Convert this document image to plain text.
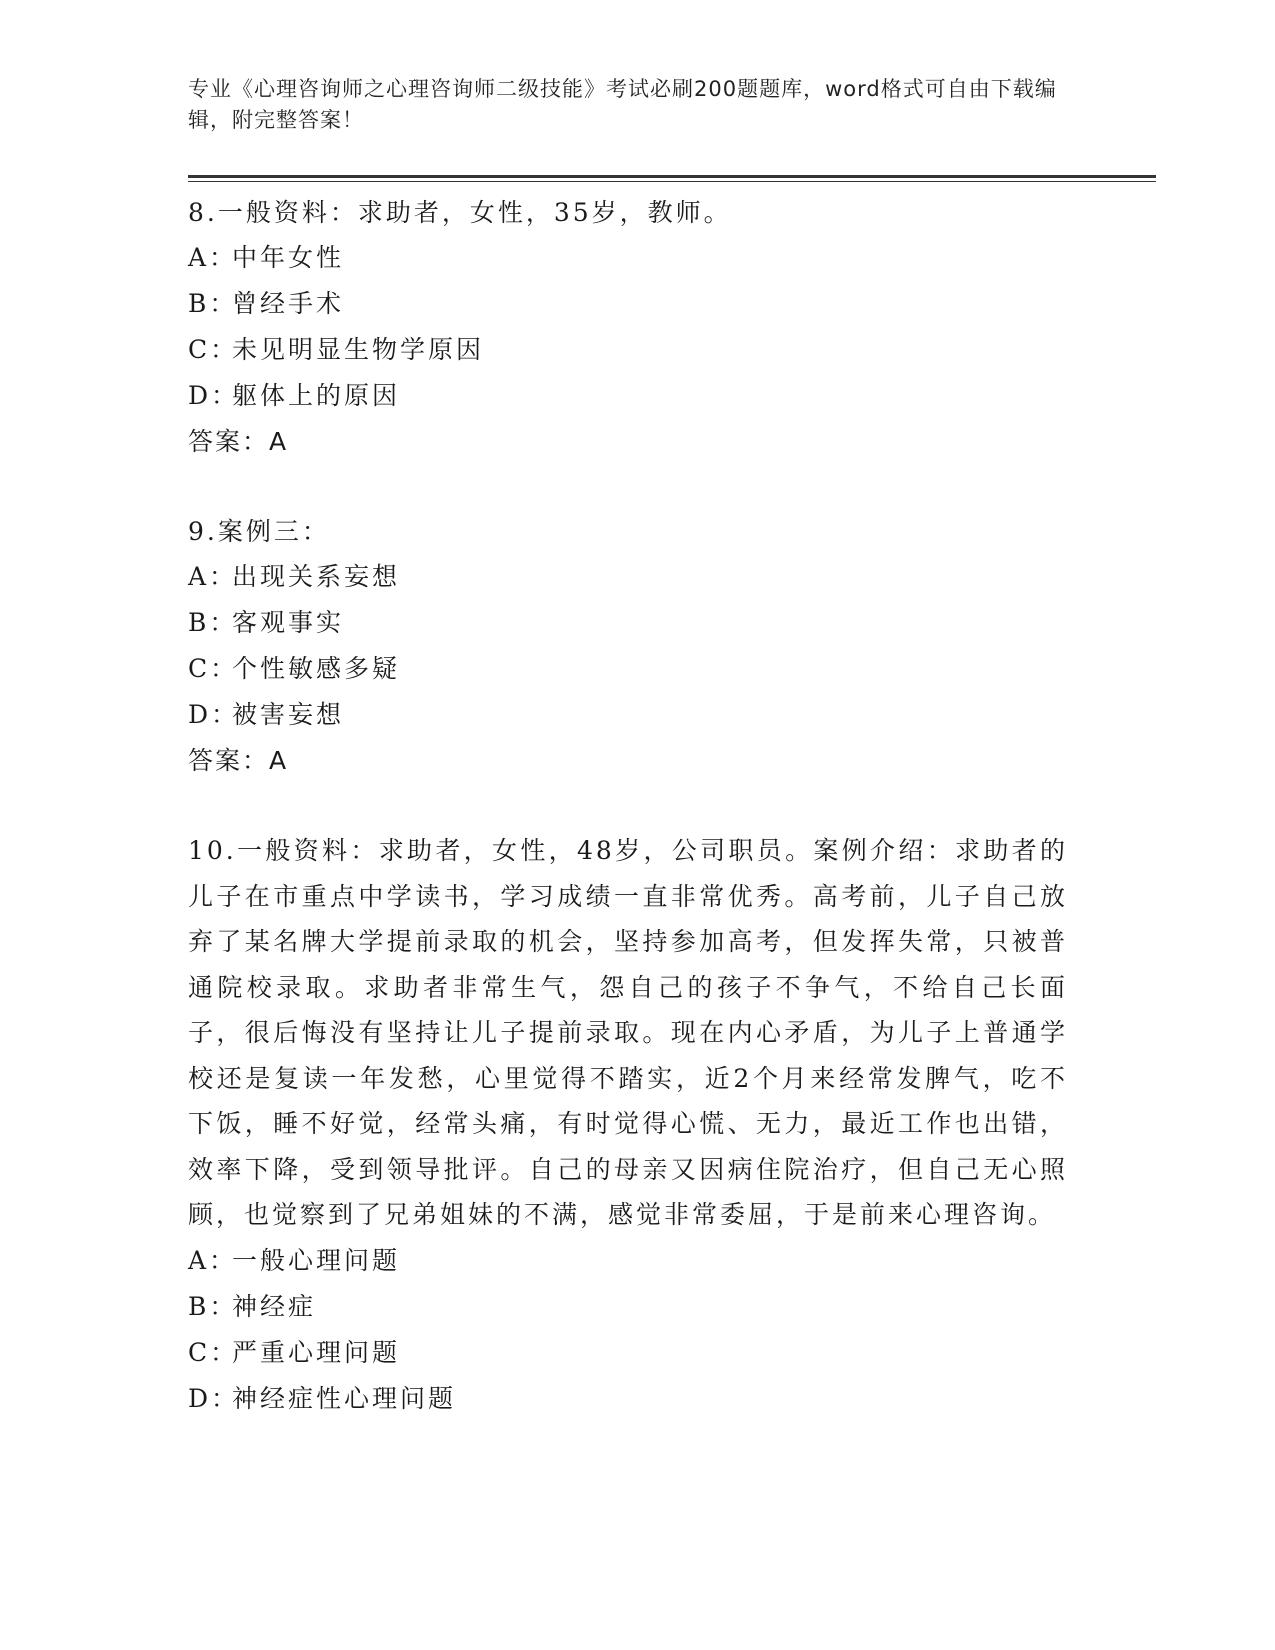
专业《心理咨询师之心理咨询师二级技能》考试必刷200题题库，word格式可自由下载编辑，附完整答案！
8.一般资料：求助者，女性，35岁，教师。
A：中年女性
B：曾经手术
C：未见明显生物学原因
D：躯体上的原因
答案：A
9.案例三：
A：出现关系妄想
B：客观事实
C：个性敏感多疑
D：被害妄想
答案：A
10.一般资料：求助者，女性，48岁，公司职员。案例介绍：求助者的儿子在市重点中学读书，学习成绩一直非常优秀。高考前，儿子自己放弃了某名牌大学提前录取的机会，坚持参加高考，但发挥失常，只被普通院校录取。求助者非常生气，怨自己的孩子不争气，不给自己长面子，很后悔没有坚持让儿子提前录取。现在内心矛盾，为儿子上普通学校还是复读一年发愁，心里觉得不踏实，近2个月来经常发脾气，吃不下饭，睡不好觉，经常头痛，有时觉得心慌、无力，最近工作也出错，效率下降，受到领导批评。自己的母亲又因病住院治疗，但自己无心照顾，也觉察到了兄弟姐妹的不满，感觉非常委屈，于是前来心理咨询。
A：一般心理问题
B：神经症
C：严重心理问题
D：神经症性心理问题
